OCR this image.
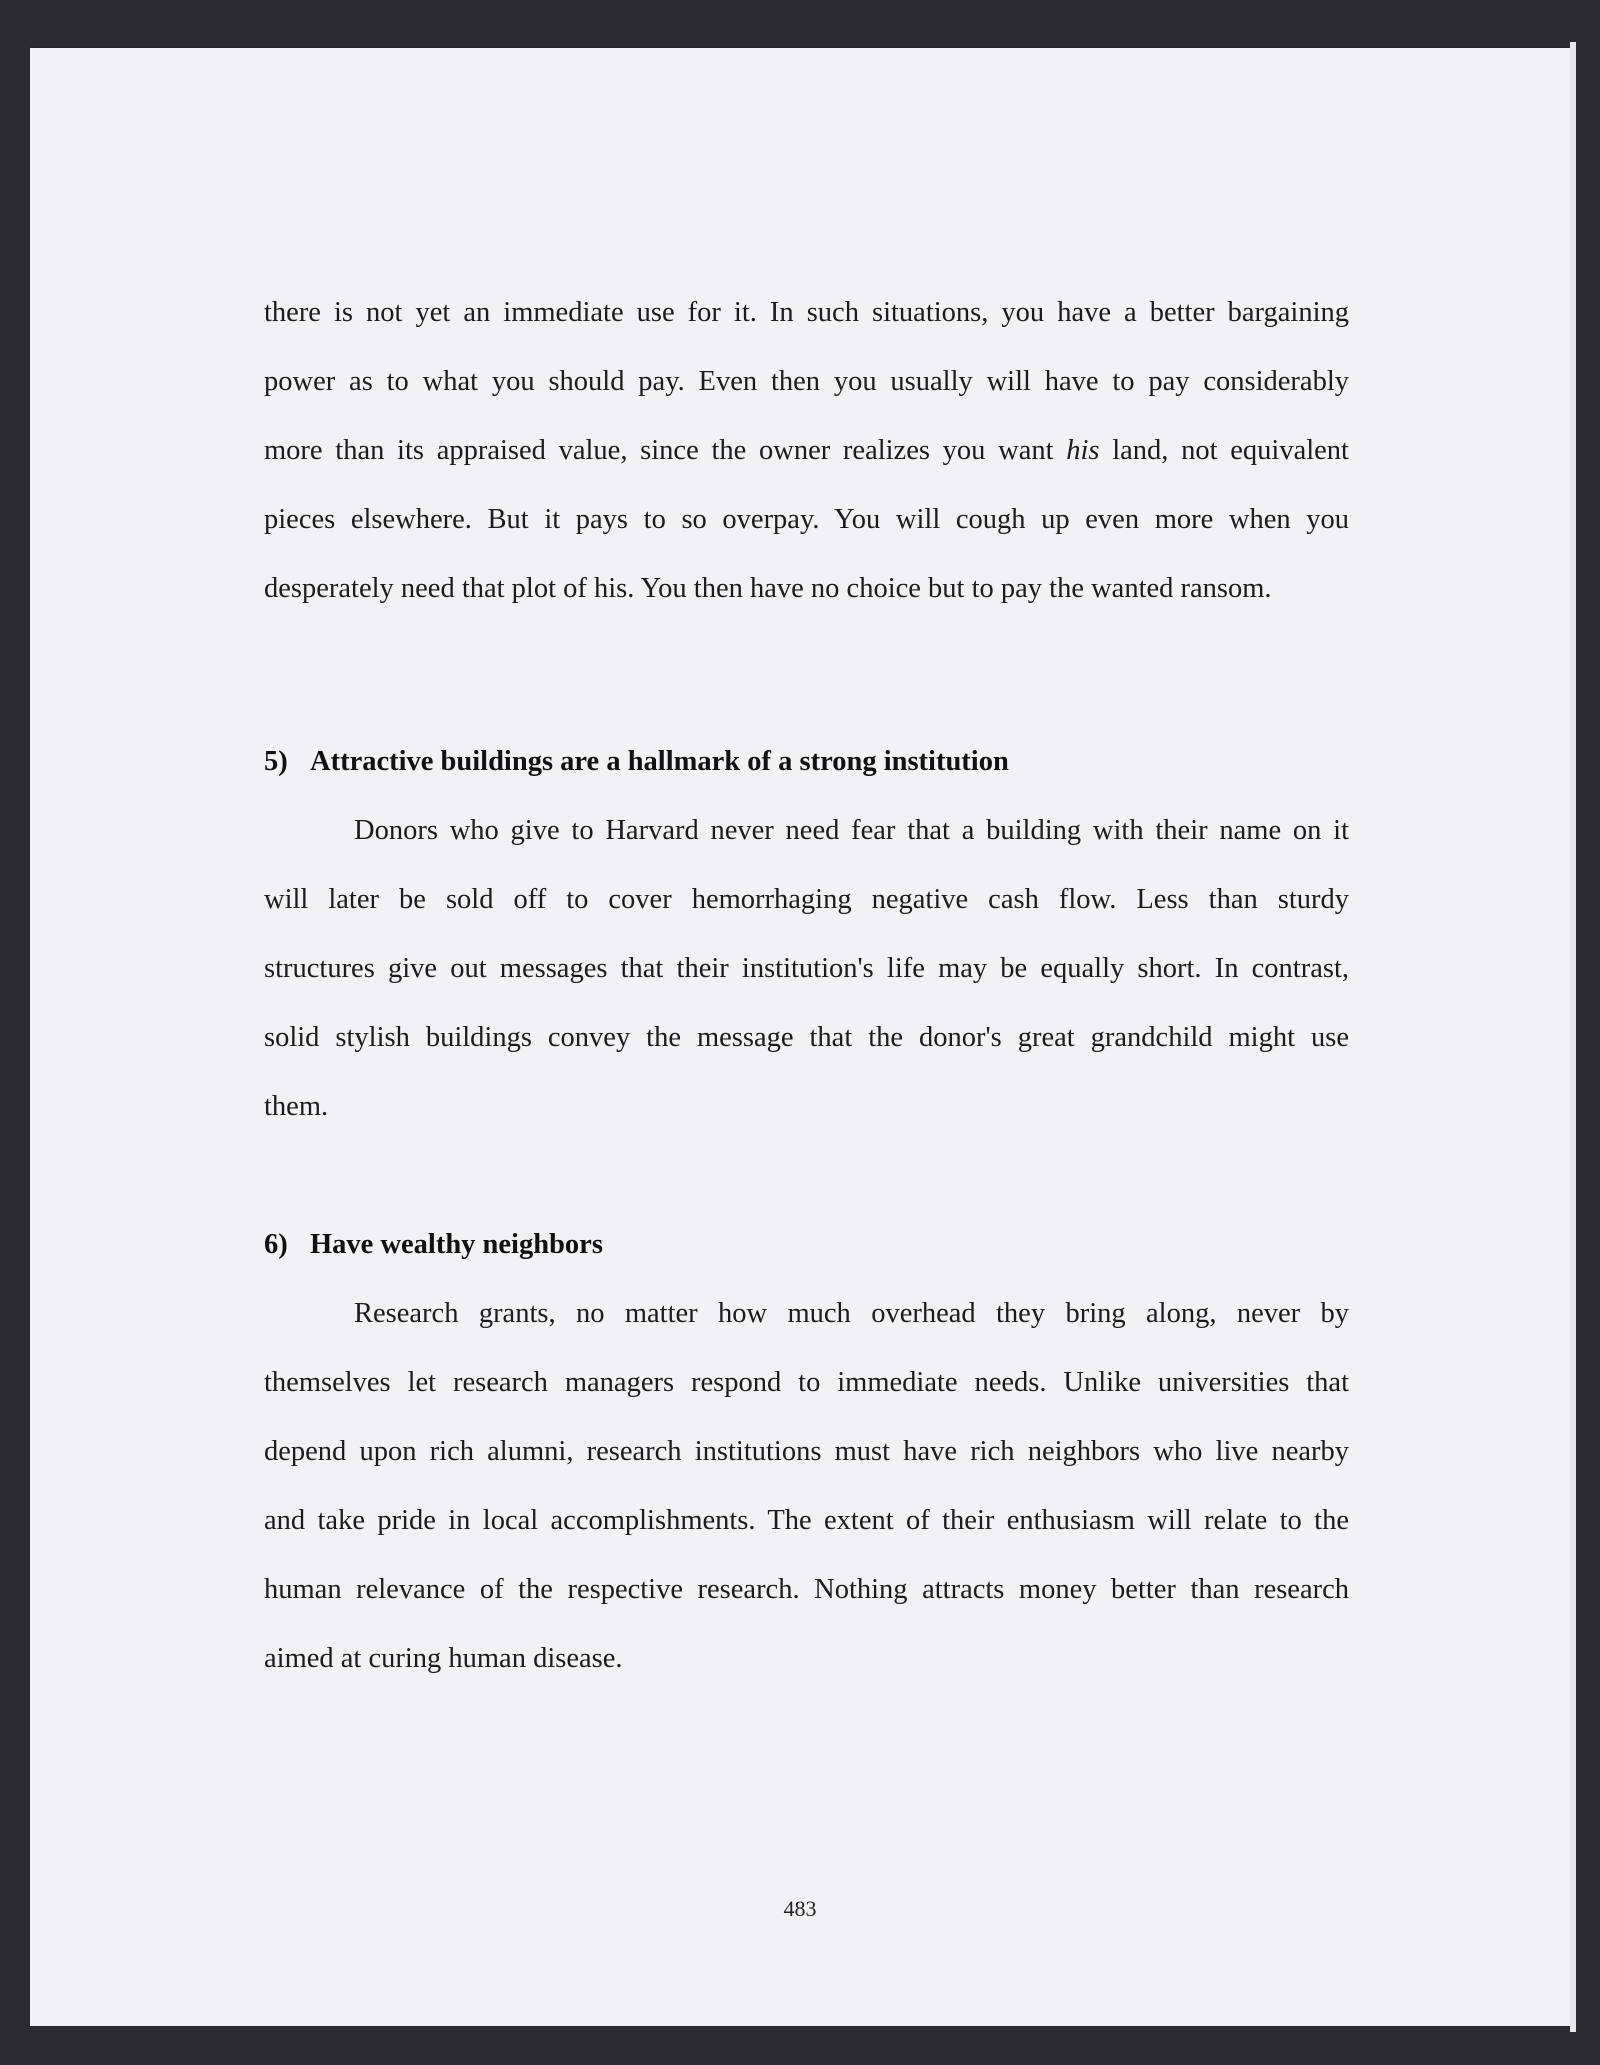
there is not yet an immediate use for it. In such situations, you have a better bargaining
power as to what you should pay. Even then you usually will have to pay considerably
more than its appraised value, since the owner realizes you want his land, not equivalent
pieces elsewhere. But it pays to so overpay. You will cough up even more when you
desperately need that plot of his. You then have no choice but to pay the wanted ransom.
5) Attractive buildings are a hallmark of a strong institution
Donors who give to Harvard never need fear that a building with their name on it
will later be sold off to cover hemorrhaging negative cash flow. Less than sturdy
structures give out messages that their institution's life may be equally short. In contrast,
solid stylish buildings convey the message that the donor's great grandchild might use
them.
6) Have wealthy neighbors
Research grants, no matter how much overhead they bring along, never by
themselves let research managers respond to immediate needs. Unlike universities that
depend upon rich alumni, research institutions must have rich neighbors who live nearby
and take pride in local accomplishments. The extent of their enthusiasm will relate to the
human relevance of the respective research. Nothing attracts money better than research
aimed at curing human disease.
483
